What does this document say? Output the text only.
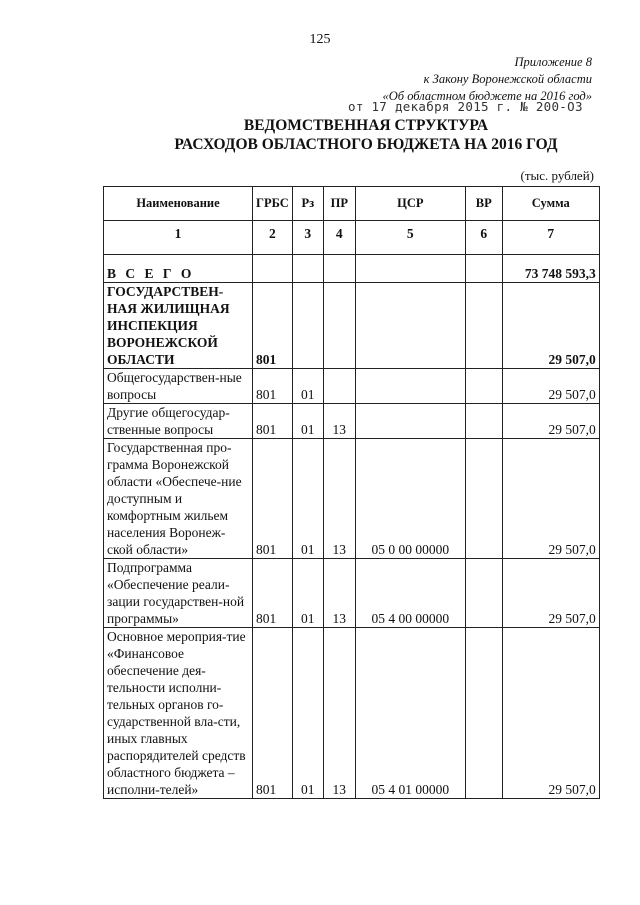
125
Приложение 8
к Закону Воронежской области
«Об областном бюджете на 2016 год»
от 17 декабря 2015 г. № 200-ОЗ
ВЕДОМСТВЕННАЯ СТРУКТУРА
РАСХОДОВ ОБЛАСТНОГО БЮДЖЕТА НА 2016 ГОД
(тыс. рублей)
Наименование	ГРБС	Рз	ПР	ЦСР	ВР	Сумма
1	2	3	4	5	6	7
В С Е Г О						73 748 593,3
ГОСУДАРСТВЕН-НАЯ ЖИЛИЩНАЯ ИНСПЕКЦИЯ ВОРОНЕЖСКОЙ ОБЛАСТИ	801					29 507,0
Общегосударствен-ные вопросы	801	01				29 507,0
Другие общегосудар-ственные вопросы	801	01	13			29 507,0
Государственная про-грамма Воронежской области «Обеспече-ние доступным и комфортным жильем населения Воронеж-ской области»	801	01	13	05 0 00 00000		29 507,0
Подпрограмма «Обеспечение реали-зации государствен-ной программы»	801	01	13	05 4 00 00000		29 507,0
Основное мероприя-тие «Финансовое обеспечение дея-тельности исполни-тельных органов го-сударственной вла-сти, иных главных распорядителей средств областного бюджета – исполни-телей»	801	01	13	05 4 01 00000		29 507,0
